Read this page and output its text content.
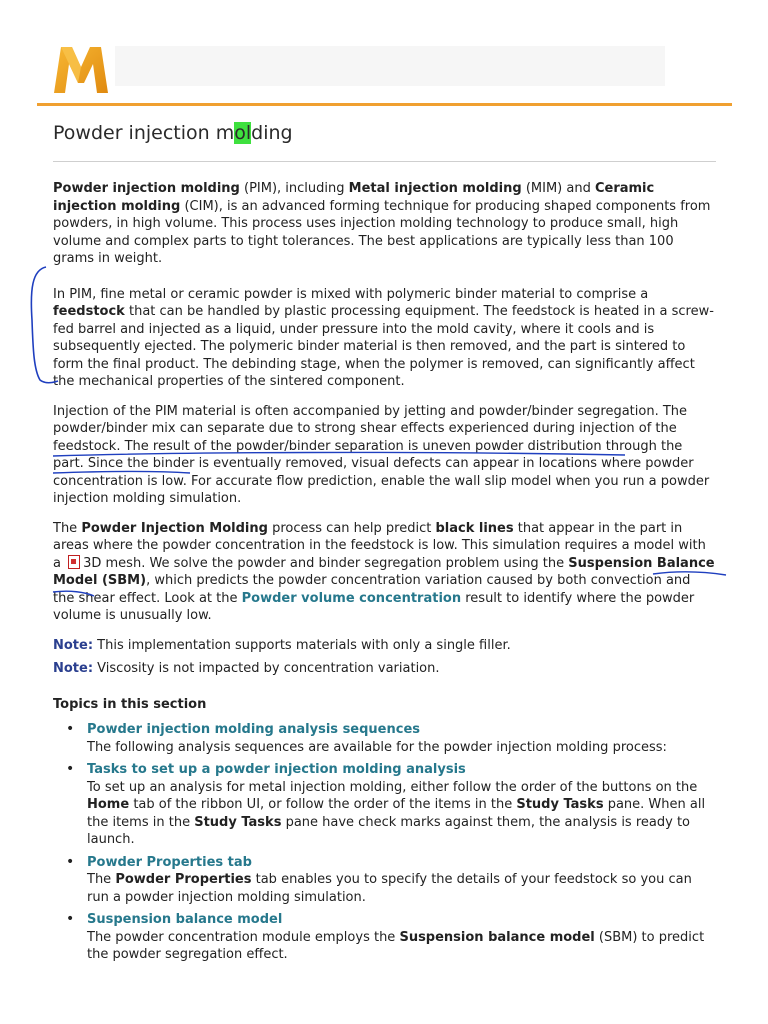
Powder injection molding

Powder injection molding (PIM), including Metal injection molding (MIM) and Ceramic injection molding (CIM), is an advanced forming technique for producing shaped components from powders, in high volume. This process uses injection molding technology to produce small, high volume and complex parts to tight tolerances. The best applications are typically less than 100 grams in weight.

In PIM, fine metal or ceramic powder is mixed with polymeric binder material to comprise a feedstock that can be handled by plastic processing equipment. The feedstock is heated in a screw-fed barrel and injected as a liquid, under pressure into the mold cavity, where it cools and is subsequently ejected. The polymeric binder material is then removed, and the part is sintered to form the final product. The debinding stage, when the polymer is removed, can significantly affect the mechanical properties of the sintered component.

Injection of the PIM material is often accompanied by jetting and powder/binder segregation. The powder/binder mix can separate due to strong shear effects experienced during injection of the feedstock. The result of the powder/binder separation is uneven powder distribution through the part. Since the binder is eventually removed, visual defects can appear in locations where powder concentration is low. For accurate flow prediction, enable the wall slip model when you run a powder injection molding simulation.

The Powder Injection Molding process can help predict black lines that appear in the part in areas where the powder concentration in the feedstock is low. This simulation requires a model with a 3D mesh. We solve the powder and binder segregation problem using the Suspension Balance Model (SBM), which predicts the powder concentration variation caused by both convection and the shear effect. Look at the Powder volume concentration result to identify where the powder volume is unusually low.

Note: This implementation supports materials with only a single filler.

Note: Viscosity is not impacted by concentration variation.

Topics in this section
• Powder injection molding analysis sequences
The following analysis sequences are available for the powder injection molding process:
• Tasks to set up a powder injection molding analysis
To set up an analysis for metal injection molding, either follow the order of the buttons on the Home tab of the ribbon UI, or follow the order of the items in the Study Tasks pane. When all the items in the Study Tasks pane have check marks against them, the analysis is ready to launch.
• Powder Properties tab
The Powder Properties tab enables you to specify the details of your feedstock so you can run a powder injection molding simulation.
• Suspension balance model
The powder concentration module employs the Suspension balance model (SBM) to predict the powder segregation effect.
